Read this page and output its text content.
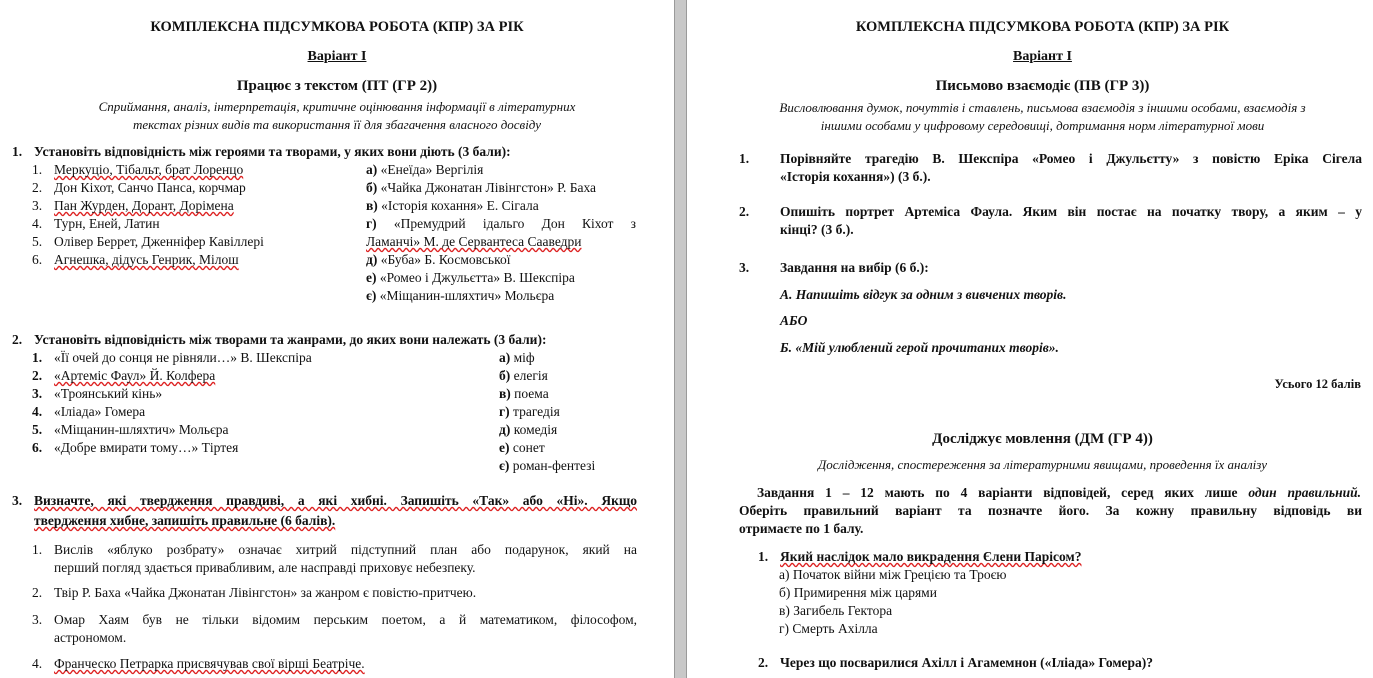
КОМПЛЕКСНА ПІДСУМКОВА РОБОТА (КПР) ЗА РІК
Варіант І
Працює з текстом (ПТ (ГР 2))
Сприймання, аналіз, інтерпретація, критичне оцінювання інформації в літературних
текстах різних видів та використання її для збагачення власного досвіду
1. Установіть відповідність між героями та творами, у яких вони діють (3 бали):
1. Меркуціо, Тібальт, брат Лоренцо
2. Дон Кіхот, Санчо Панса, корчмар
3. Пан Журден, Дорант, Дорімена
4. Турн, Еней, Латин
5. Олівер Беррет, Дженніфер Кавіллері
6. Агнешка, дідусь Генрик, Мілош
а) «Енеїда» Вергілія
б) «Чайка Джонатан Лівінгстон» Р. Баха
в) «Історія кохання» Е. Сігала
г) «Премудрий ідальго Дон Кіхот з
Ламанчі» М. де Сервантеса Сааведри
д) «Буба» Б. Космовської
е) «Ромео і Джульєтта» В. Шекспіра
є) «Міщанин-шляхтич» Мольєра
2. Установіть відповідність між творами та жанрами, до яких вони належать (3 бали):
1. «Її очей до сонця не рівняли…» В. Шекспіра
2. «Артеміс Фаул» Й. Колфера
3. «Троянський кінь»
4. «Іліада» Гомера
5. «Міщанин-шляхтич» Мольєра
6. «Добре вмирати тому…» Тіртея
а) міф
б) елегія
в) поема
г) трагедія
д) комедія
е) сонет
є) роман-фентезі
3. Визначте, які твердження правдиві, а які хибні. Запишіть «Так» або «Ні». Якщо
твердження хибне, запишіть правильне (6 балів).
1. Вислів «яблуко розбрату» означає хитрий підступний план або подарунок, який на
перший погляд здається привабливим, але насправді приховує небезпеку.
2. Твір Р. Баха «Чайка Джонатан Лівінгстон» за жанром є повістю-притчею.
3. Омар Хаям був не тільки відомим перським поетом, а й математиком, філософом,
астрономом.
4. Франческо Петрарка присвячував свої вірші Беатріче.
КОМПЛЕКСНА ПІДСУМКОВА РОБОТА (КПР) ЗА РІК
Варіант І
Письмово взаємодіє (ПВ (ГР 3))
Висловлювання думок, почуттів і ставлень, письмова взаємодія з іншими особами, взаємодія з
іншими особами у цифровому середовищі, дотримання норм літературної мови
1. Порівняйте трагедію В. Шекспіра «Ромео і Джульєтту» з повістю Еріка Сігела
«Історія кохання») (3 б.).
2. Опишіть портрет Артеміса Фаула. Яким він постає на початку твору, а яким – у
кінці? (3 б.).
3. Завдання на вибір (6 б.):
А. Напишіть відгук за одним з вивчених творів.
АБО
Б. «Мій улюблений герой прочитаних творів».
Усього 12 балів
Досліджує мовлення (ДМ (ГР 4))
Дослідження, спостереження за літературними явищами, проведення їх аналізу
Завдання 1 – 12 мають по 4 варіанти відповідей, серед яких лише один правильний.
Оберіть правильний варіант та позначте його. За кожну правильну відповідь ви
отримаєте по 1 балу.
1. Який наслідок мало викрадення Єлени Парісом?
а) Початок війни між Грецією та Троєю
б) Примирення між царями
в) Загибель Гектора
г) Смерть Ахілла
2. Через що посварилися Ахілл і Агамемнон («Іліада» Гомера)?
